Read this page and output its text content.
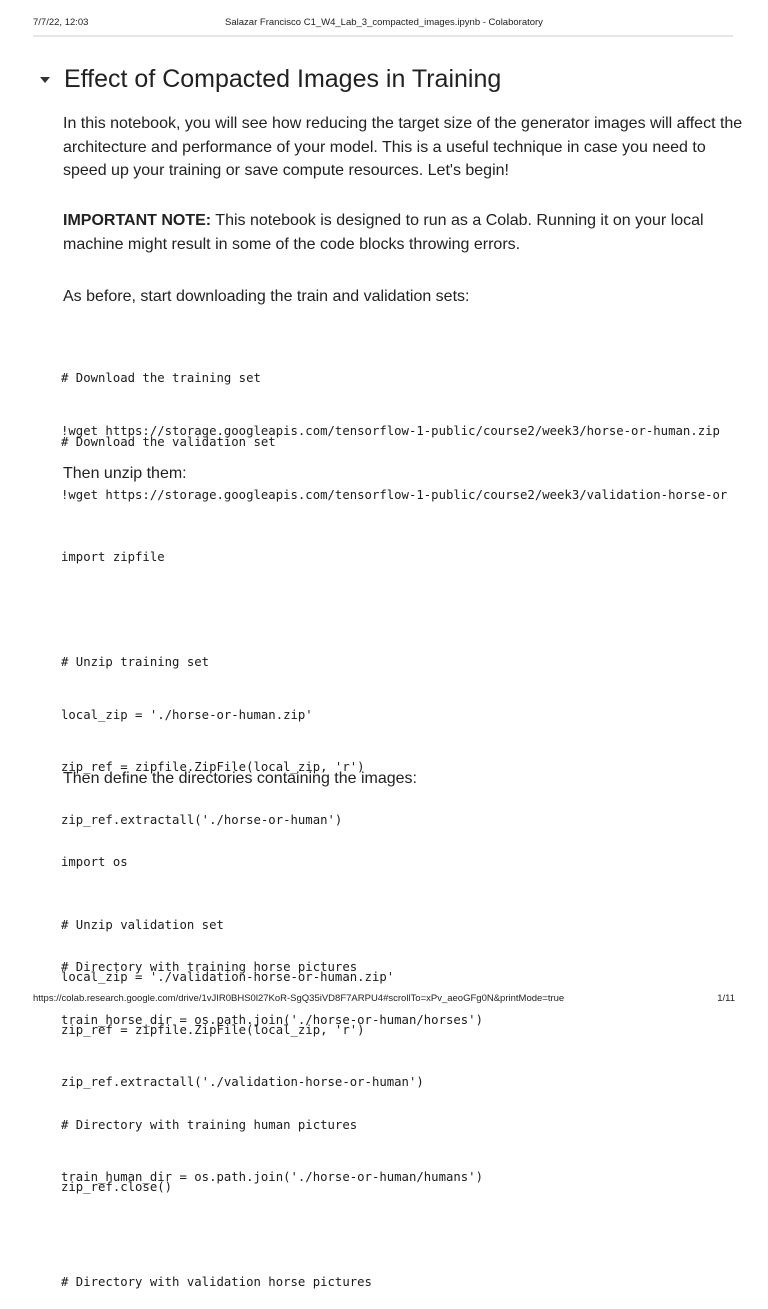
7/7/22, 12:03	Salazar Francisco C1_W4_Lab_3_compacted_images.ipynb - Colaboratory
Effect of Compacted Images in Training
In this notebook, you will see how reducing the target size of the generator images will affect the architecture and performance of your model. This is a useful technique in case you need to speed up your training or save compute resources. Let's begin!
IMPORTANT NOTE: This notebook is designed to run as a Colab. Running it on your local machine might result in some of the code blocks throwing errors.
As before, start downloading the train and validation sets:

# Download the training set

!wget https://storage.googleapis.com/tensorflow-1-public/course2/week3/horse-or-human.zip

# Download the validation set

!wget https://storage.googleapis.com/tensorflow-1-public/course2/week3/validation-horse-or

Then unzip them:

import zipfile

# Unzip training set

local_zip = './horse-or-human.zip'

zip_ref = zipfile.ZipFile(local_zip, 'r')

zip_ref.extractall('./horse-or-human')

# Unzip validation set

local_zip = './validation-horse-or-human.zip'

zip_ref = zipfile.ZipFile(local_zip, 'r')

zip_ref.extractall('./validation-horse-or-human')

zip_ref.close()

Then define the directories containing the images:

import os

# Directory with training horse pictures

train_horse_dir = os.path.join('./horse-or-human/horses')

# Directory with training human pictures

train_human_dir = os.path.join('./horse-or-human/humans')

# Directory with validation horse pictures

https://colab.research.google.com/drive/1vJIR0BHS0l27KoR-SgQ35iVD8F7ARPU4#scrollTo=xPv_aeoGFg0N&printMode=true	1/11
